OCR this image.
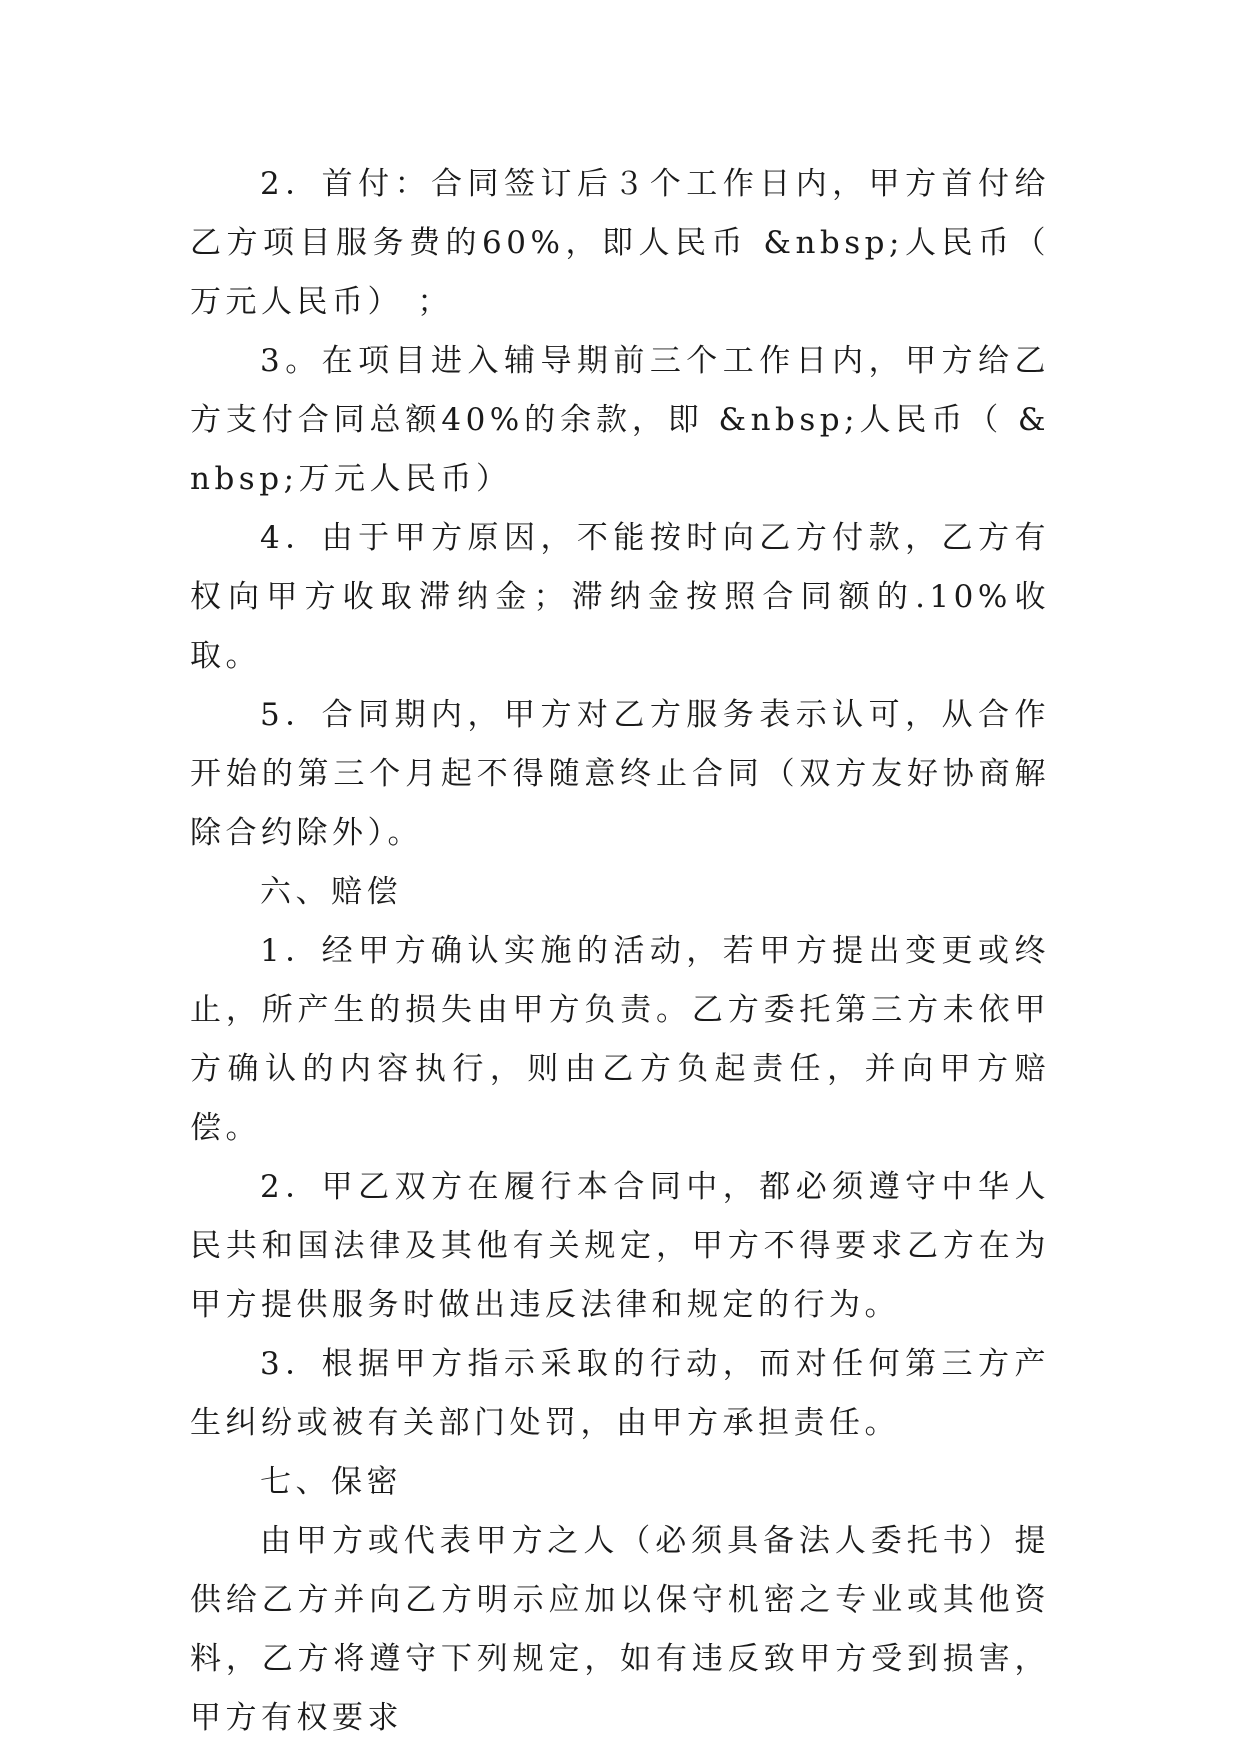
2．首付：合同签订后３个工作日内，甲方首付给乙方项目服务费的60%，即人民币 &nbsp;人民币（ 万元人民币） ；

3。在项目进入辅导期前三个工作日内，甲方给乙方支付合同总额40%的余款，即 &nbsp;人民币（ &nbsp;万元人民币）

4．由于甲方原因，不能按时向乙方付款，乙方有权向甲方收取滞纳金；滞纳金按照合同额的.10%收取。

5．合同期内，甲方对乙方服务表示认可，从合作开始的第三个月起不得随意终止合同（双方友好协商解除合约除外）。

六、赔偿

1．经甲方确认实施的活动，若甲方提出变更或终止，所产生的损失由甲方负责。乙方委托第三方未依甲方确认的内容执行，则由乙方负起责任，并向甲方赔偿。

2．甲乙双方在履行本合同中，都必须遵守中华人民共和国法律及其他有关规定，甲方不得要求乙方在为甲方提供服务时做出违反法律和规定的行为。

3．根据甲方指示采取的行动，而对任何第三方产生纠纷或被有关部门处罚，由甲方承担责任。

七、保密

由甲方或代表甲方之人（必须具备法人委托书）提供给乙方并向乙方明示应加以保守机密之专业或其他资料，乙方将遵守下列规定，如有违反致甲方受到损害，甲方有权要求
